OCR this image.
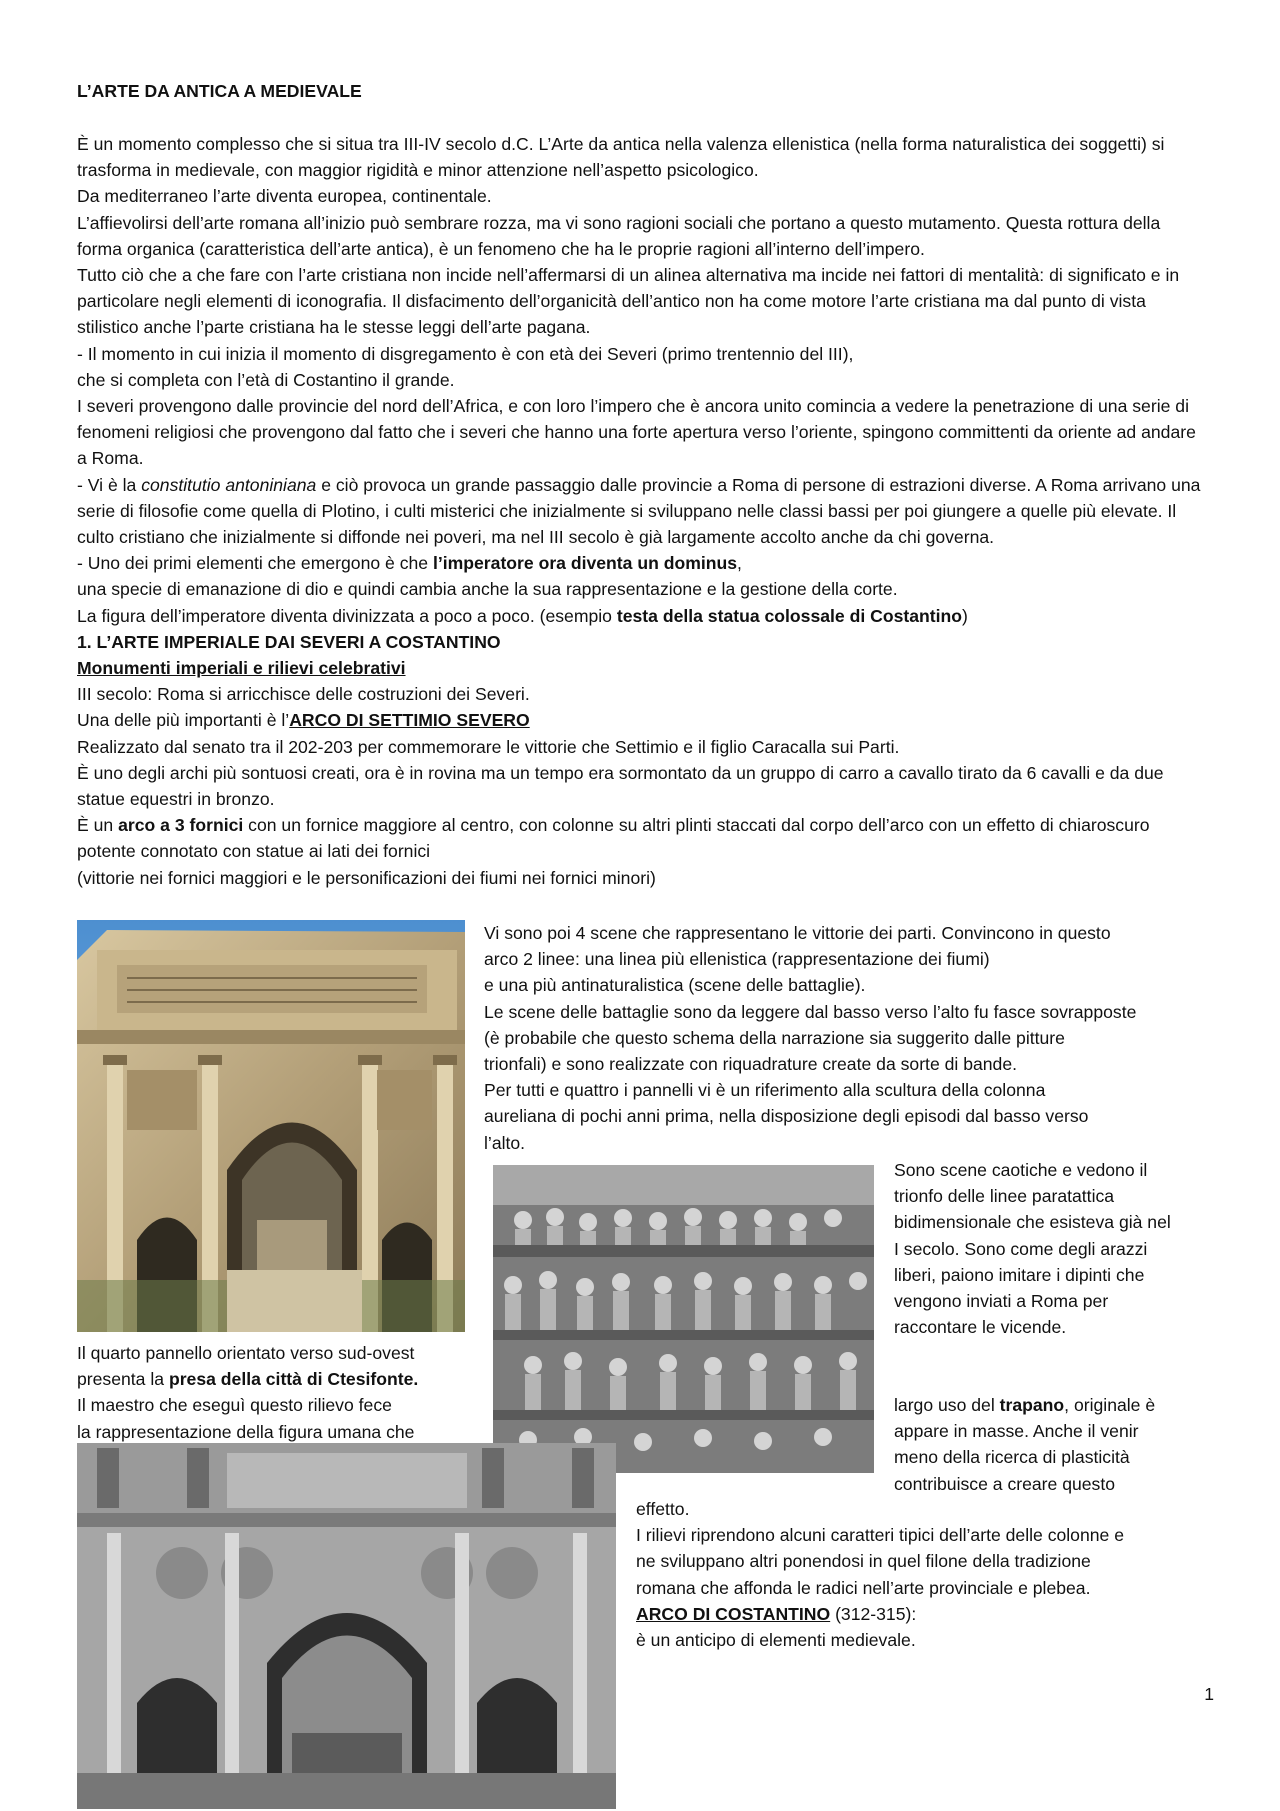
L’ARTE DA ANTICA A MEDIEVALE

È un momento complesso che si situa tra III-IV secolo d.C. L’Arte da antica nella valenza ellenistica (nella forma naturalistica dei soggetti) si trasforma in medievale, con maggior rigidità e minor attenzione nell’aspetto psicologico.

Da mediterraneo l’arte diventa europea, continentale.

L’affievolirsi dell’arte romana all’inizio può sembrare rozza, ma vi sono ragioni sociali che portano a questo mutamento. Questa rottura della forma organica (caratteristica dell’arte antica), è un fenomeno che ha le proprie ragioni all’interno dell’impero.

Tutto ciò che a che fare con l’arte cristiana non incide nell’affermarsi di un alinea alternativa ma incide nei fattori di mentalità: di significato e in particolare negli elementi di iconografia. Il disfacimento dell’organicità dell’antico non ha come motore l’arte cristiana ma dal punto di vista stilistico anche l’parte cristiana ha le stesse leggi dell’arte pagana.

- Il momento in cui inizia il momento di disgregamento è con età dei Severi (primo trentennio del III),

che si completa con l’età di Costantino il grande.

I severi provengono dalle provincie del nord dell’Africa, e con loro l’impero che è ancora unito comincia a vedere la penetrazione di una serie di fenomeni religiosi che provengono dal fatto che i severi che hanno una forte apertura verso l’oriente, spingono committenti da oriente ad andare a Roma.

- Vi è la constitutio antoniniana e ciò provoca un grande passaggio dalle provincie a Roma di persone di estrazioni diverse. A Roma arrivano una serie di filosofie come quella di Plotino, i culti misterici che inizialmente si sviluppano nelle classi bassi per poi giungere a quelle più elevate. Il culto cristiano che inizialmente si diffonde nei poveri, ma nel III secolo è già largamente accolto anche da chi governa.

- Uno dei primi elementi che emergono è che l’imperatore ora diventa un dominus,

una specie di emanazione di dio e quindi cambia anche la sua rappresentazione e la gestione della corte.

La figura dell’imperatore diventa divinizzata a poco a poco. (esempio testa della statua colossale di Costantino)

1. L’ARTE IMPERIALE DAI SEVERI A COSTANTINO

Monumenti imperiali e rilievi celebrativi

III secolo: Roma si arricchisce delle costruzioni dei Severi.

Una delle più importanti è l’ARCO DI SETTIMIO SEVERO

Realizzato dal senato tra il 202-203 per commemorare le vittorie che Settimio e il figlio Caracalla sui Parti.

È uno degli archi più sontuosi creati, ora è in rovina ma un tempo era sormontato da un gruppo di carro a cavallo tirato da 6 cavalli e da due statue equestri in bronzo.

È un arco a 3 fornici con un fornice maggiore al centro, con colonne su altri plinti staccati dal corpo dell’arco con un effetto di chiaroscuro potente connotato con statue ai lati dei fornici

(vittorie nei fornici maggiori e le personificazioni dei fiumi nei fornici minori)

Vi sono poi 4 scene che rappresentano le vittorie dei parti. Convincono in questo

arco 2 linee: una linea più ellenistica (rappresentazione dei fiumi)

e una più antinaturalistica (scene delle battaglie).

Le scene delle battaglie sono da leggere dal basso verso l’alto fu fasce sovrapposte

(è probabile che questo schema della narrazione sia suggerito dalle pitture

trionfali) e sono realizzate con riquadrature create da sorte di bande.

Per tutti e quattro i pannelli vi è un riferimento alla scultura della colonna

aureliana di pochi anni prima, nella disposizione degli episodi dal basso verso

l’alto.

Sono scene caotiche e vedono il

trionfo delle linee paratattica

bidimensionale che esisteva già nel

I secolo. Sono come degli arazzi

liberi, paiono imitare i dipinti che

vengono inviati a Roma per

raccontare le vicende.

largo uso del trapano, originale è

appare in masse. Anche il venir

meno della ricerca di plasticità

contribuisce a creare questo

Il quarto pannello orientato verso sud-ovest

presenta la presa della città di Ctesifonte.

Il maestro che eseguì questo rilievo fece

la rappresentazione della figura umana che

effetto.

I rilievi riprendono alcuni caratteri tipici dell’arte delle colonne e

ne sviluppano altri ponendosi in quel filone della tradizione

romana che affonda le radici nell’arte provinciale e plebea.

ARCO DI COSTANTINO (312-315):

è un anticipo di elementi medievale.

1
